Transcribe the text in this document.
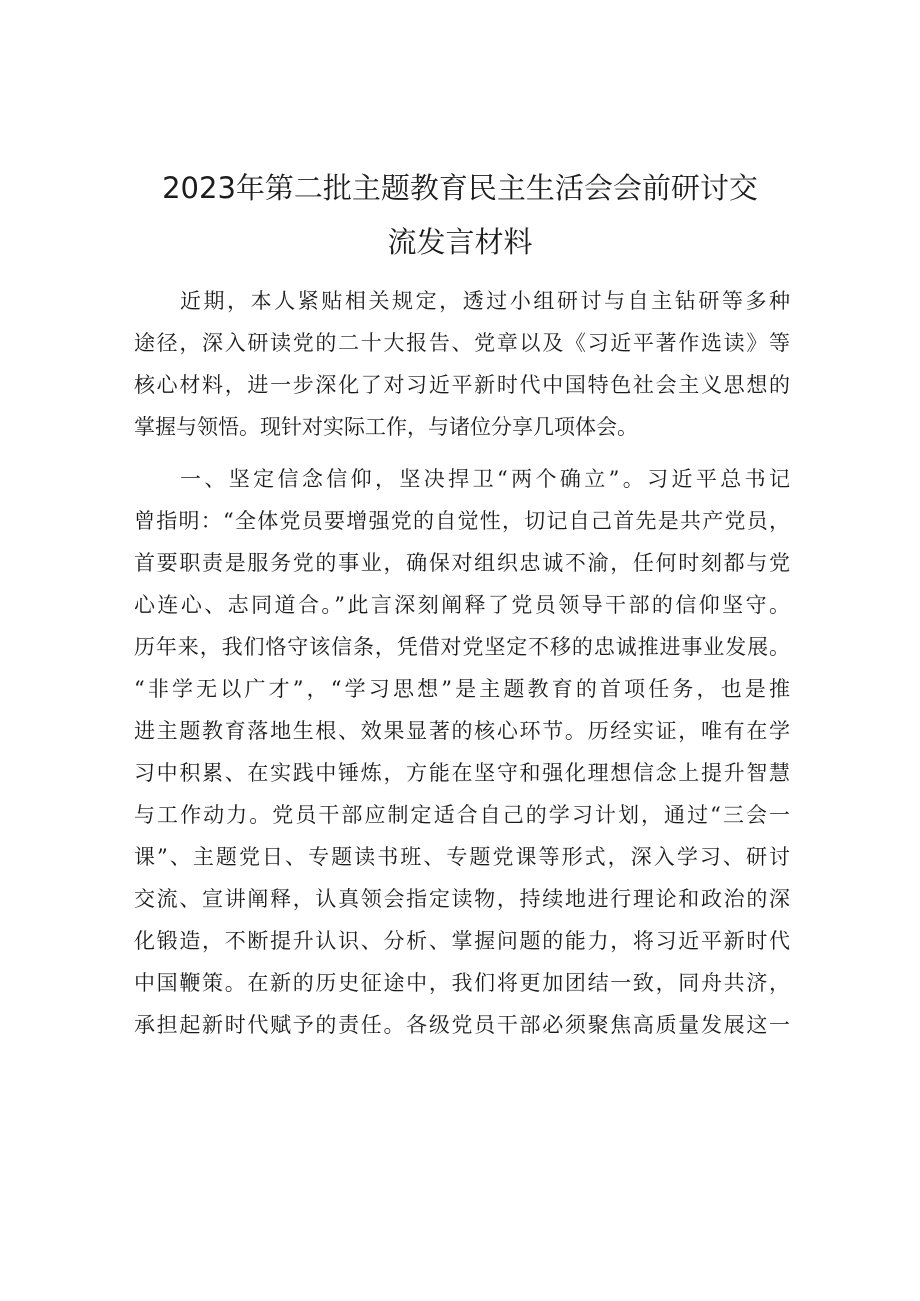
2023年第二批主题教育民主生活会会前研讨交
流发言材料
近期，本人紧贴相关规定，透过小组研讨与自主钻研等多种
途径，深入研读党的二十大报告、党章以及《习近平著作选读》等
核心材料，进一步深化了对习近平新时代中国特色社会主义思想的
掌握与领悟。现针对实际工作，与诸位分享几项体会。
一、坚定信念信仰，坚决捍卫“两个确立”。习近平总书记
曾指明：“全体党员要增强党的自觉性，切记自己首先是共产党员，
首要职责是服务党的事业，确保对组织忠诚不渝，任何时刻都与党
心连心、志同道合。”此言深刻阐释了党员领导干部的信仰坚守。
历年来，我们恪守该信条，凭借对党坚定不移的忠诚推进事业发展。
“非学无以广才”，“学习思想”是主题教育的首项任务，也是推
进主题教育落地生根、效果显著的核心环节。历经实证，唯有在学
习中积累、在实践中锤炼，方能在坚守和强化理想信念上提升智慧
与工作动力。党员干部应制定适合自己的学习计划，通过“三会一
课”、主题党日、专题读书班、专题党课等形式，深入学习、研讨
交流、宣讲阐释，认真领会指定读物，持续地进行理论和政治的深
化锻造，不断提升认识、分析、掌握问题的能力，将习近平新时代
中国鞭策。在新的历史征途中，我们将更加团结一致，同舟共济，
承担起新时代赋予的责任。各级党员干部必须聚焦高质量发展这一
